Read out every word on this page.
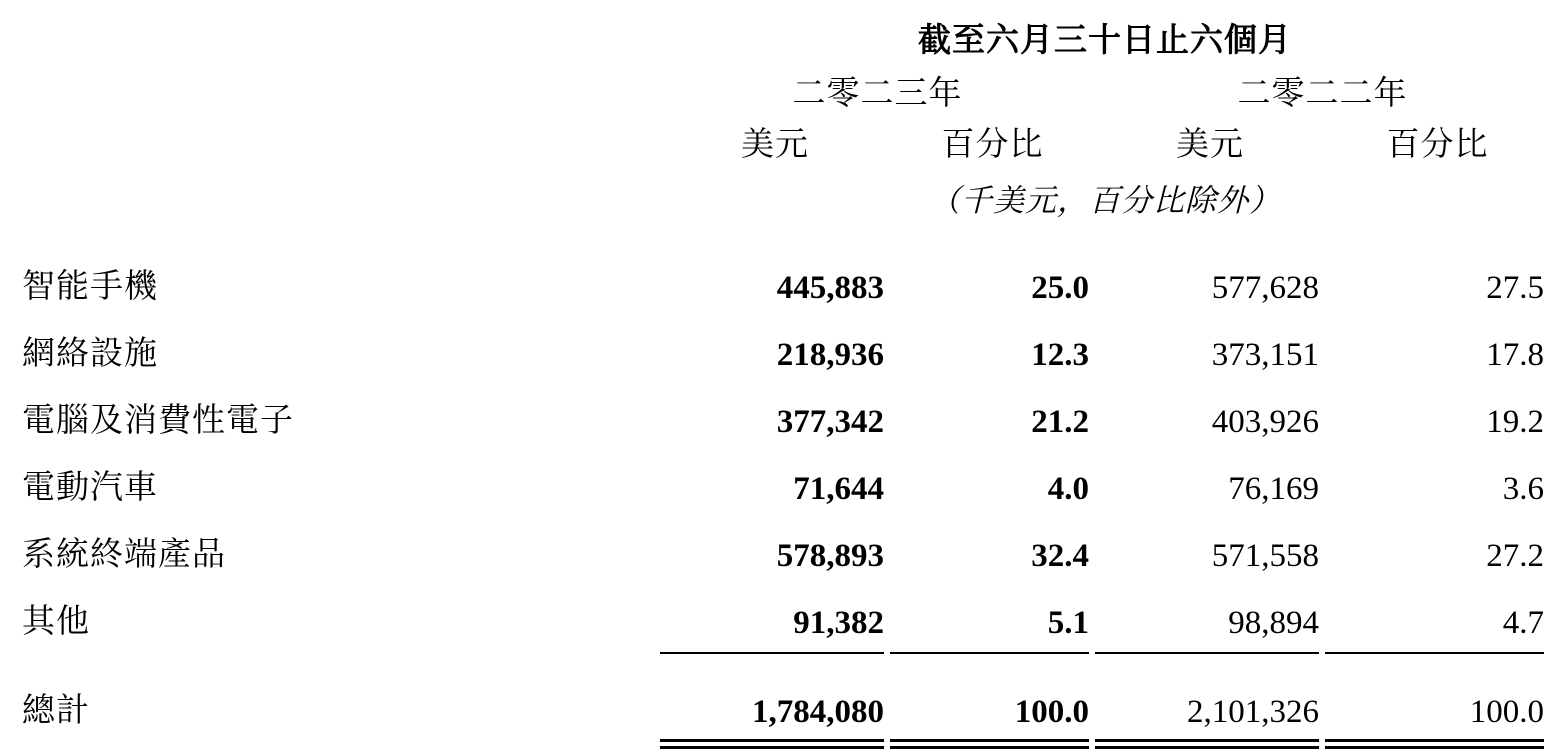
	截至六月三十日止六個月				
	二零二三年		二零二二年		
	美元	百分比	美元	百分比	
	（千美元，百分比除外）				
智能手機	445,883	25.0	577,628	27.5	
網絡設施	218,936	12.3	373,151	17.8	
電腦及消費性電子	377,342	21.2	403,926	19.2	
電動汽車	71,644	4.0	76,169	3.6	
系統終端產品	578,893	32.4	571,558	27.2	
其他	91,382	5.1	98,894	4.7	

總計	1,784,080	100.0	2,101,326	100.0	
